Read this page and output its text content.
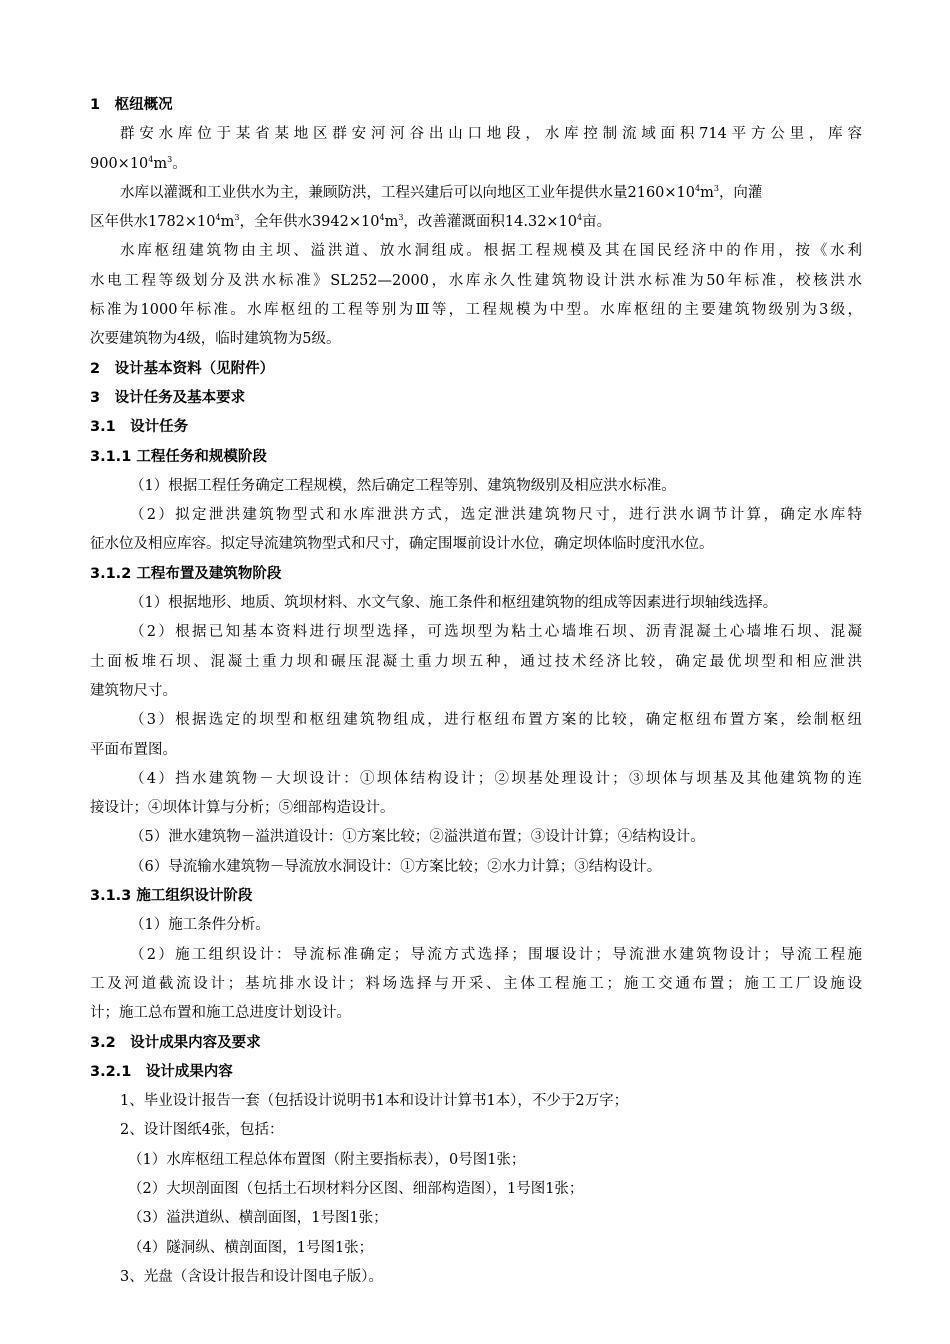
1　枢纽概况
群安水库位于某省某地区群安河河谷出山口地段，水库控制流域面积714平方公里，库容
$900\times 10^4m^3$。
水库以灌溉和工业供水为主，兼顾防洪，工程兴建后可以向地区工业年提供水量$2160\times 10^4m^3$，向灌
区年供水$1782\times 10^4m^3$，全年供水$3942\times 10^4m^3$，改善灌溉面积$14.32\times 10^4$亩。
水库枢纽建筑物由主坝、溢洪道、放水洞组成。根据工程规模及其在国民经济中的作用，按《水利
水电工程等级划分及洪水标准》SL252—2000，水库永久性建筑物设计洪水标准为50年标准，校核洪水
标准为1000年标准。水库枢纽的工程等别为Ⅲ等，工程规模为中型。水库枢纽的主要建筑物级别为3级，
次要建筑物为4级，临时建筑物为5级。
2　设计基本资料（见附件）
3　设计任务及基本要求
3.1　设计任务
3.1.1 工程任务和规模阶段
（1）根据工程任务确定工程规模，然后确定工程等别、建筑物级别及相应洪水标准。
（2）拟定泄洪建筑物型式和水库泄洪方式，选定泄洪建筑物尺寸，进行洪水调节计算，确定水库特
征水位及相应库容。拟定导流建筑物型式和尺寸，确定围堰前设计水位，确定坝体临时度汛水位。
3.1.2 工程布置及建筑物阶段
（1）根据地形、地质、筑坝材料、水文气象、施工条件和枢纽建筑物的组成等因素进行坝轴线选择。
（2）根据已知基本资料进行坝型选择，可选坝型为粘土心墙堆石坝、沥青混凝土心墙堆石坝、混凝
土面板堆石坝、混凝土重力坝和碾压混凝土重力坝五种，通过技术经济比较，确定最优坝型和相应泄洪
建筑物尺寸。
（3）根据选定的坝型和枢纽建筑物组成，进行枢纽布置方案的比较，确定枢纽布置方案，绘制枢纽
平面布置图。
（4）挡水建筑物－大坝设计：①坝体结构设计；②坝基处理设计；③坝体与坝基及其他建筑物的连
接设计；④坝体计算与分析；⑤细部构造设计。
（5）泄水建筑物－溢洪道设计：①方案比较；②溢洪道布置；③设计计算；④结构设计。
（6）导流输水建筑物－导流放水洞设计：①方案比较；②水力计算；③结构设计。
3.1.3 施工组织设计阶段
（1）施工条件分析。
（2）施工组织设计：导流标准确定；导流方式选择；围堰设计；导流泄水建筑物设计；导流工程施
工及河道截流设计；基坑排水设计；料场选择与开采、主体工程施工；施工交通布置；施工工厂设施设
计；施工总布置和施工总进度计划设计。
3.2　设计成果内容及要求
3.2.1　设计成果内容
1、毕业设计报告一套（包括设计说明书1本和设计计算书1本），不少于2万字；
2、设计图纸4张，包括：
（1）水库枢纽工程总体布置图（附主要指标表），0号图1张；
（2）大坝剖面图（包括土石坝材料分区图、细部构造图），1号图1张；
（3）溢洪道纵、横剖面图，1号图1张；
（4）隧洞纵、横剖面图，1号图1张；
3、光盘（含设计报告和设计图电子版）。
